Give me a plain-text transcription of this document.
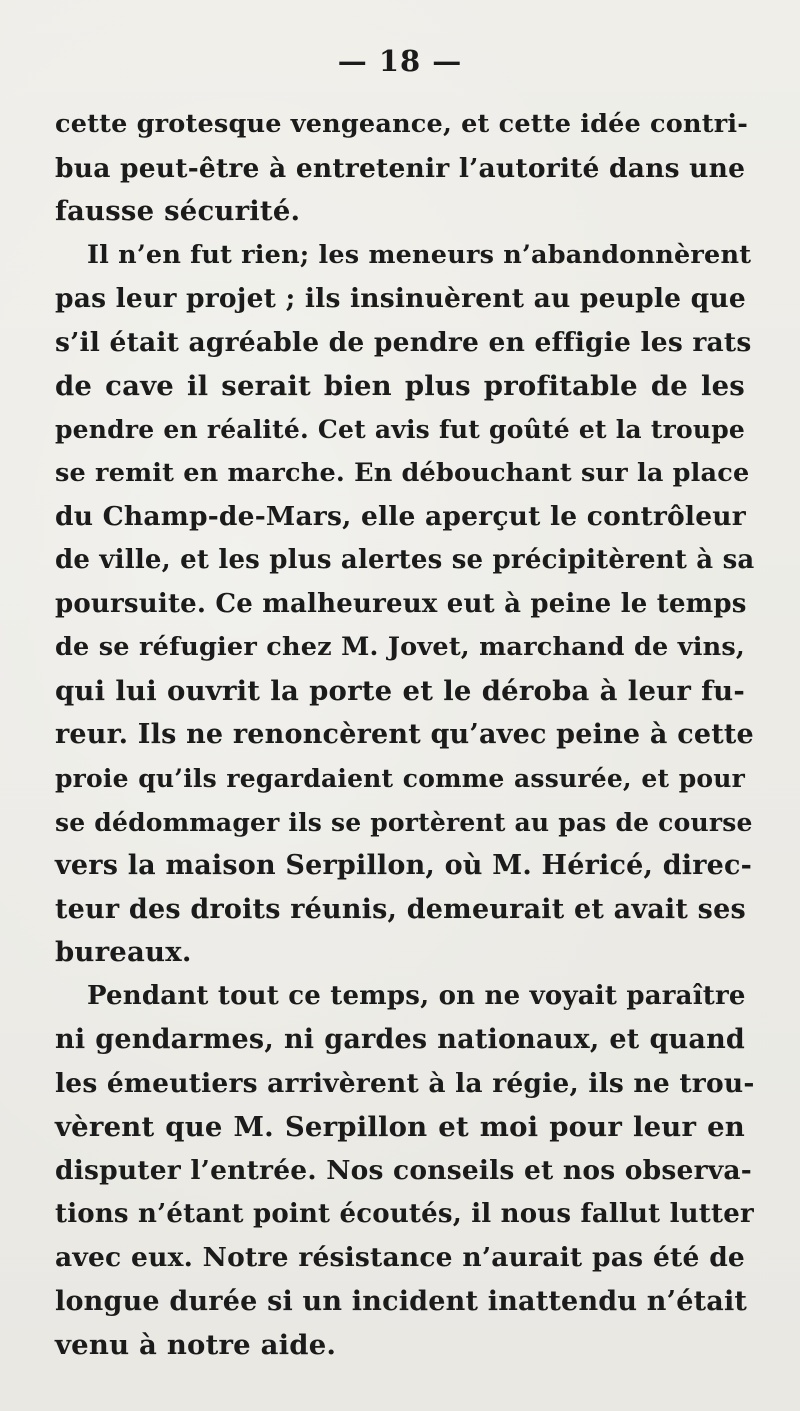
— 18 —
cette grotesque vengeance, et cette idée contri-
bua peut-être à entretenir l’autorité dans une
fausse sécurité.
Il n’en fut rien; les meneurs n’abandonnèrent
pas leur projet ; ils insinuèrent au peuple que
s’il était agréable de pendre en effigie les rats
de cave il serait bien plus profitable de les
pendre en réalité. Cet avis fut goûté et la troupe
se remit en marche. En débouchant sur la place
du Champ-de-Mars, elle aperçut le contrôleur
de ville, et les plus alertes se précipitèrent à sa
poursuite. Ce malheureux eut à peine le temps
de se réfugier chez M. Jovet, marchand de vins,
qui lui ouvrit la porte et le déroba à leur fu-
reur. Ils ne renoncèrent qu’avec peine à cette
proie qu’ils regardaient comme assurée, et pour
se dédommager ils se portèrent au pas de course
vers la maison Serpillon, où M. Héricé, direc-
teur des droits réunis, demeurait et avait ses
bureaux.
Pendant tout ce temps, on ne voyait paraître
ni gendarmes, ni gardes nationaux, et quand
les émeutiers arrivèrent à la régie, ils ne trou-
vèrent que M. Serpillon et moi pour leur en
disputer l’entrée. Nos conseils et nos observa-
tions n’étant point écoutés, il nous fallut lutter
avec eux. Notre résistance n’aurait pas été de
longue durée si un incident inattendu n’était
venu à notre aide.
